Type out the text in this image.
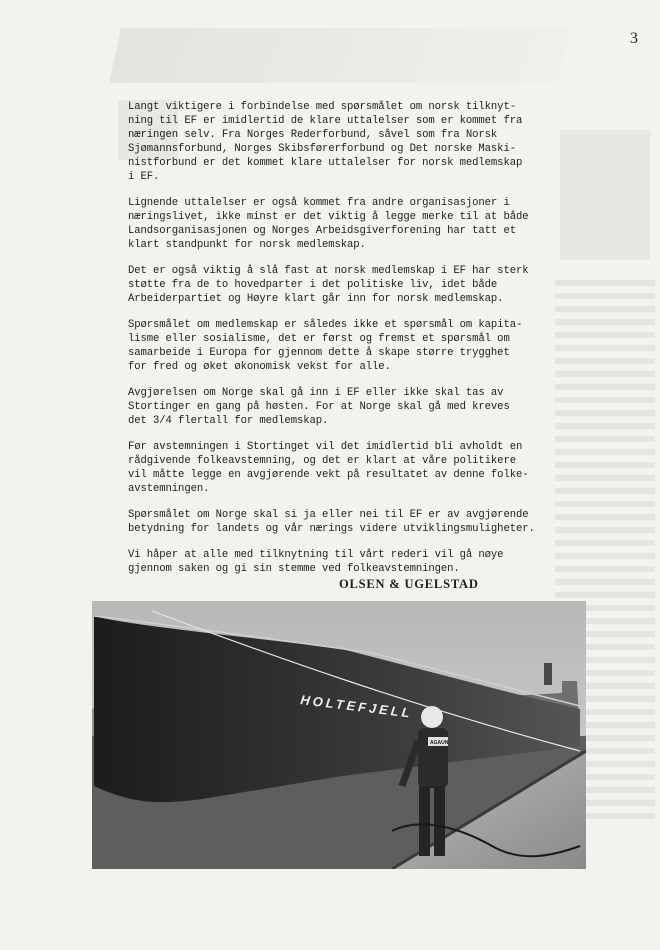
3

Langt viktigere i forbindelse med spørsmålet om norsk tilknyt-
ning til EF er imidlertid de klare uttalelser som er kommet fra
næringen selv. Fra Norges Rederforbund, såvel som fra Norsk
Sjømannsforbund, Norges Skibsførerforbund og Det norske Maski-
nistforbund er det kommet klare uttalelser for norsk medlemskap
i EF.

Lignende uttalelser er også kommet fra andre organisasjoner i
næringslivet, ikke minst er det viktig å legge merke til at både
Landsorganisasjonen og Norges Arbeidsgiverforening har tatt et
klart standpunkt for norsk medlemskap.

Det er også viktig å slå fast at norsk medlemskap i EF har sterk
støtte fra de to hovedparter i det politiske liv, idet både
Arbeiderpartiet og Høyre klart går inn for norsk medlemskap.

Spørsmålet om medlemskap er således ikke et spørsmål om kapita-
lisme eller sosialisme, det er først og fremst et spørsmål om
samarbeide i Europa for gjennom dette å skape større trygghet
for fred og øket økonomisk vekst for alle.

Avgjørelsen om Norge skal gå inn i EF eller ikke skal tas av
Stortinger en gang på høsten. For at Norge skal gå med kreves
det 3/4 flertall for medlemskap.

Før avstemningen i Stortinget vil det imidlertid bli avholdt en
rådgivende folkeavstemning, og det er klart at våre politikere
vil måtte legge en avgjørende vekt på resultatet av denne folke-
avstemningen.

Spørsmålet om Norge skal si ja eller nei til EF er av avgjørende
betydning for landets og vår nærings videre utviklingsmuligheter.

Vi håper at alle med tilknytning til vårt rederi vil gå nøye
gjennom saken og gi sin stemme ved folkeavstemningen.

OLSEN & UGELSTAD
HOLTEFJELL
AGAUN
